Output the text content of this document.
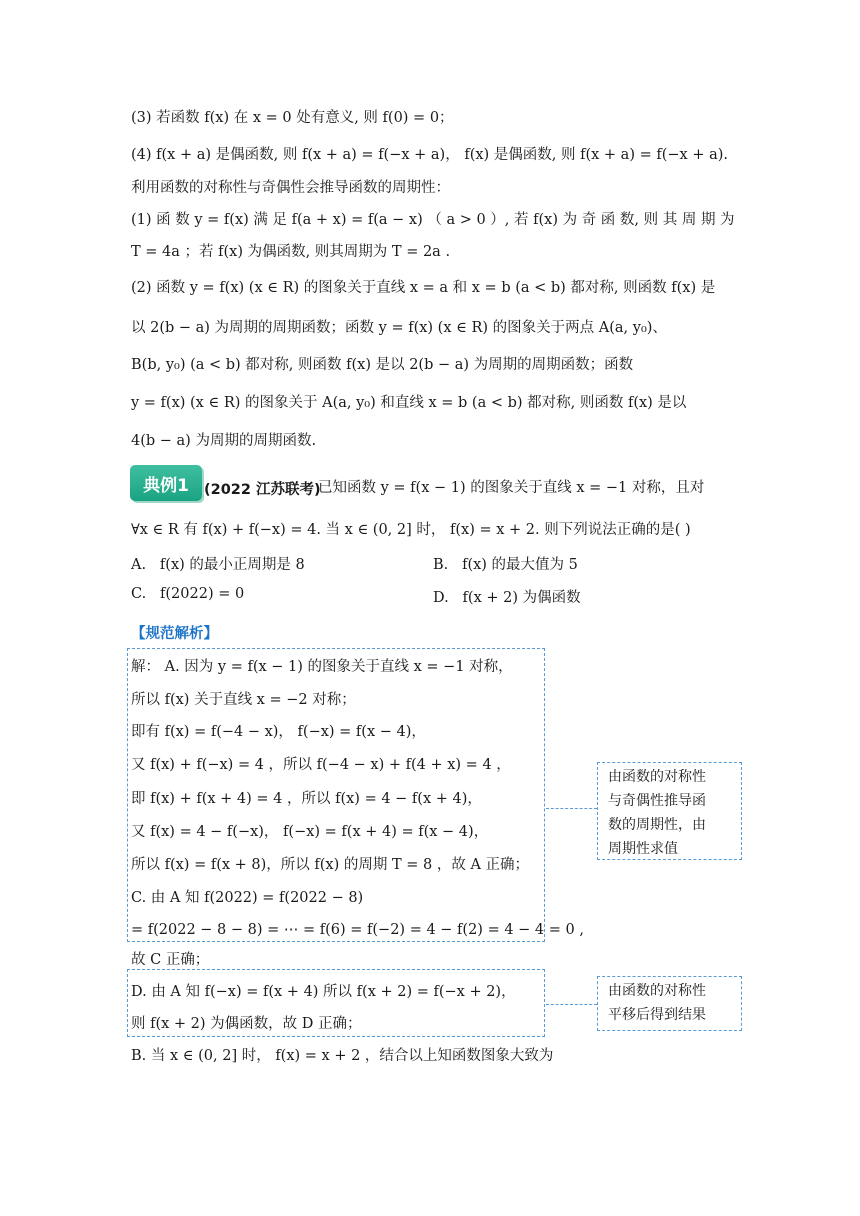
(3) 若函数 f(x) 在 x = 0 处有意义, 则 f(0) = 0；
(4) f(x + a) 是偶函数, 则 f(x + a) = f(−x + a)， f(x) 是偶函数, 则 f(x + a) = f(−x + a).
利用函数的对称性与奇偶性会推导函数的周期性：
(1) 函 数 y = f(x) 满 足 f(a + x) = f(a − x) （ a > 0 ）, 若 f(x) 为 奇 函 数, 则 其 周 期 为
T = 4a ；若 f(x) 为偶函数, 则其周期为 T = 2a .
(2) 函数 y = f(x) (x ∈ R) 的图象关于直线 x = a 和 x = b (a < b) 都对称, 则函数 f(x) 是
以 2(b − a) 为周期的周期函数；函数 y = f(x) (x ∈ R) 的图象关于两点 A(a, y₀)、
B(b, y₀) (a < b) 都对称, 则函数 f(x) 是以 2(b − a) 为周期的周期函数；函数
y = f(x) (x ∈ R) 的图象关于 A(a, y₀) 和直线 x = b (a < b) 都对称, 则函数 f(x) 是以
4(b − a) 为周期的周期函数.
典例1	(2022 江苏联考)
已知函数 y = f(x − 1) 的图象关于直线 x = −1 对称，且对
∀x ∈ R 有 f(x) + f(−x) = 4. 当 x ∈ (0, 2] 时， f(x) = x + 2. 则下列说法正确的是( )
A. f(x) 的最小正周期是 8	B. f(x) 的最大值为 5
C. f(2022) = 0	D. f(x + 2) 为偶函数
【规范解析】
解： A. 因为 y = f(x − 1) 的图象关于直线 x = −1 对称，
所以 f(x) 关于直线 x = −2 对称；
即有 f(x) = f(−4 − x)， f(−x) = f(x − 4)，
又 f(x) + f(−x) = 4 ，所以 f(−4 − x) + f(4 + x) = 4 ，
即 f(x) + f(x + 4) = 4 ，所以 f(x) = 4 − f(x + 4)，
又 f(x) = 4 − f(−x)， f(−x) = f(x + 4) = f(x − 4)，
所以 f(x) = f(x + 8)，所以 f(x) 的周期 T = 8 ，故 A 正确；
C. 由 A 知 f(2022) = f(2022 − 8)
= f(2022 − 8 − 8) = ⋯ = f(6) = f(−2) = 4 − f(2) = 4 − 4 = 0 ,
故 C 正确；
D. 由 A 知 f(−x) = f(x + 4) 所以 f(x + 2) = f(−x + 2)，
则 f(x + 2) 为偶函数，故 D 正确；
B. 当 x ∈ (0, 2] 时， f(x) = x + 2 ，结合以上知函数图象大致为
由函数的对称性
与奇偶性推导函
数的周期性，由
周期性求值
由函数的对称性
平移后得到结果
